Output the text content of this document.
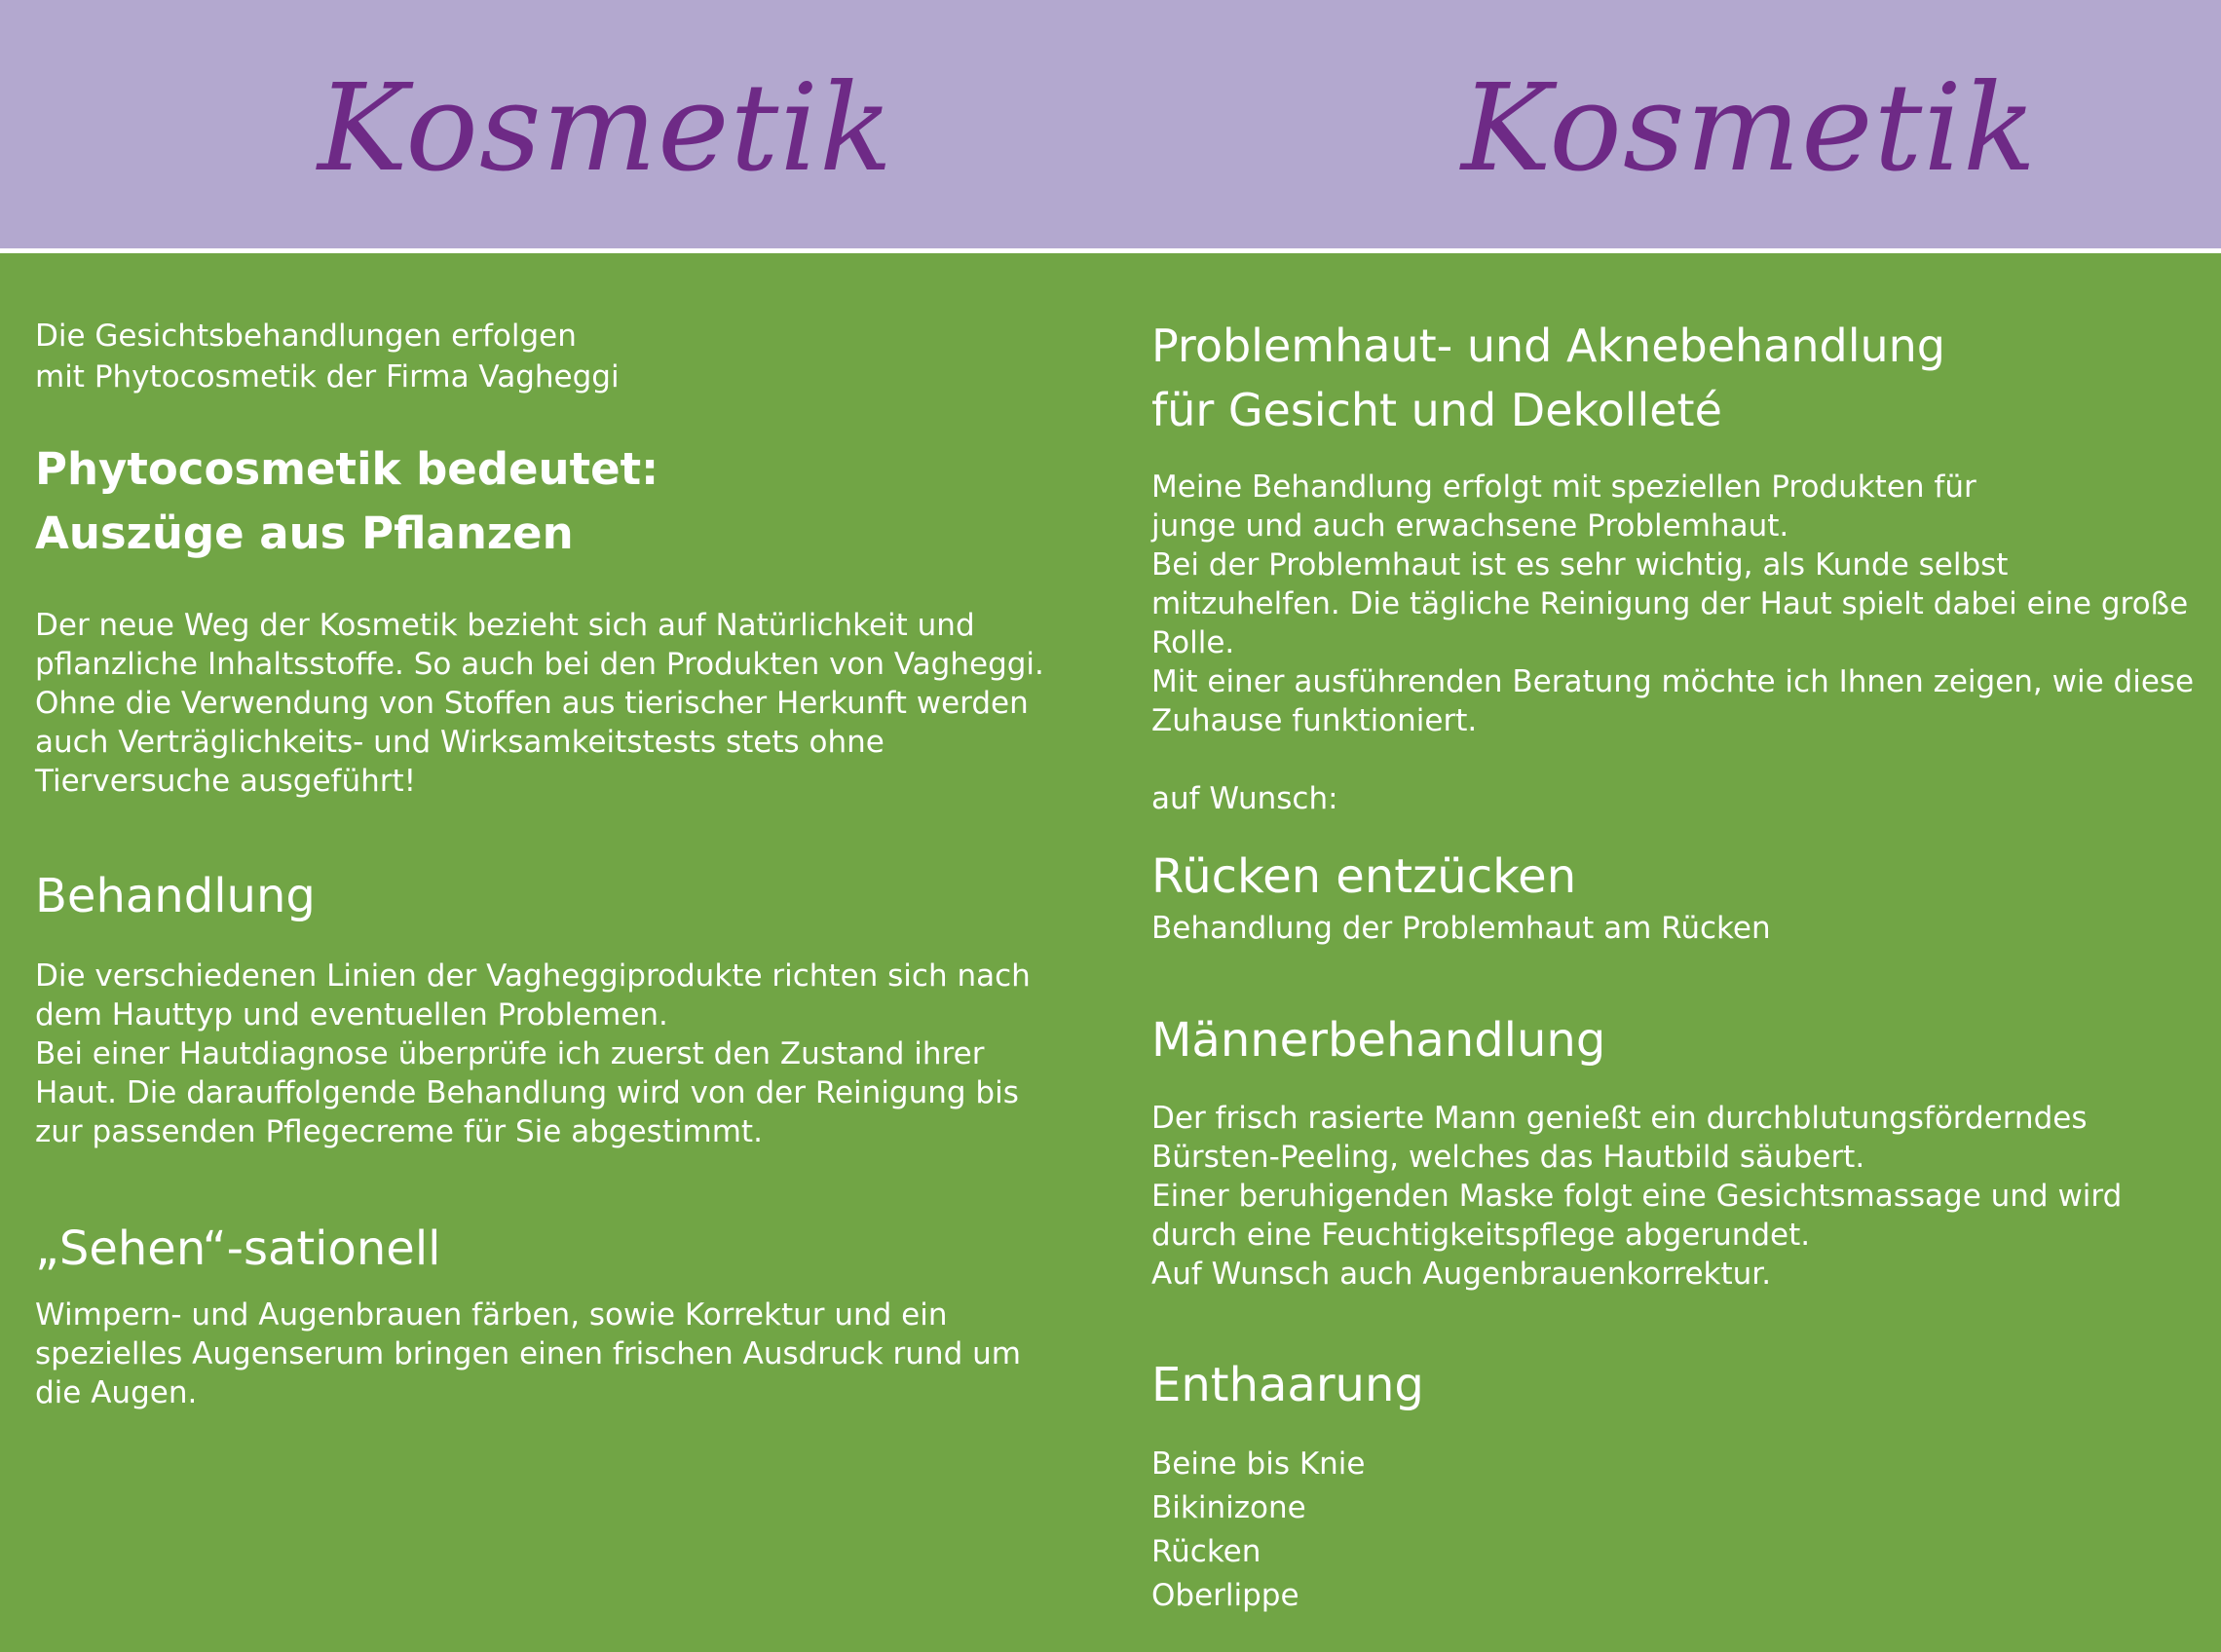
Kosmetik	Kosmetik
Die Gesichtsbehandlungen erfolgen
mit Phytocosmetik der Firma Vagheggi
Phytocosmetik bedeutet:
Auszüge aus Pflanzen
Der neue Weg der Kosmetik bezieht sich auf Natürlichkeit und
pflanzliche Inhaltsstoffe. So auch bei den Produkten von Vagheggi.
Ohne die Verwendung von Stoffen aus tierischer Herkunft werden
auch Verträglichkeits- und Wirksamkeitstests stets ohne
Tierversuche ausgeführt!
Behandlung
Die verschiedenen Linien der Vagheggiprodukte richten sich nach
dem Hauttyp und eventuellen Problemen.
Bei einer Hautdiagnose überprüfe ich zuerst den Zustand ihrer
Haut. Die darauffolgende Behandlung wird von der Reinigung bis
zur passenden Pflegecreme für Sie abgestimmt.
„Sehen“-sationell
Wimpern- und Augenbrauen färben, sowie Korrektur und ein
spezielles Augenserum bringen einen frischen Ausdruck rund um
die Augen.
Problemhaut- und Aknebehandlung
für Gesicht und Dekolleté
Meine Behandlung erfolgt mit speziellen Produkten für
junge und auch erwachsene Problemhaut.
Bei der Problemhaut ist es sehr wichtig, als Kunde selbst
mitzuhelfen. Die tägliche Reinigung der Haut spielt dabei eine große
Rolle.
Mit einer ausführenden Beratung möchte ich Ihnen zeigen, wie diese
Zuhause funktioniert.
auf Wunsch:
Rücken entzücken
Behandlung der Problemhaut am Rücken
Männerbehandlung
Der frisch rasierte Mann genießt ein durchblutungsförderndes
Bürsten-Peeling, welches das Hautbild säubert.
Einer beruhigenden Maske folgt eine Gesichtsmassage und wird
durch eine Feuchtigkeitspflege abgerundet.
Auf Wunsch auch Augenbrauenkorrektur.
Enthaarung
Beine bis Knie
Bikinizone
Rücken
Oberlippe
